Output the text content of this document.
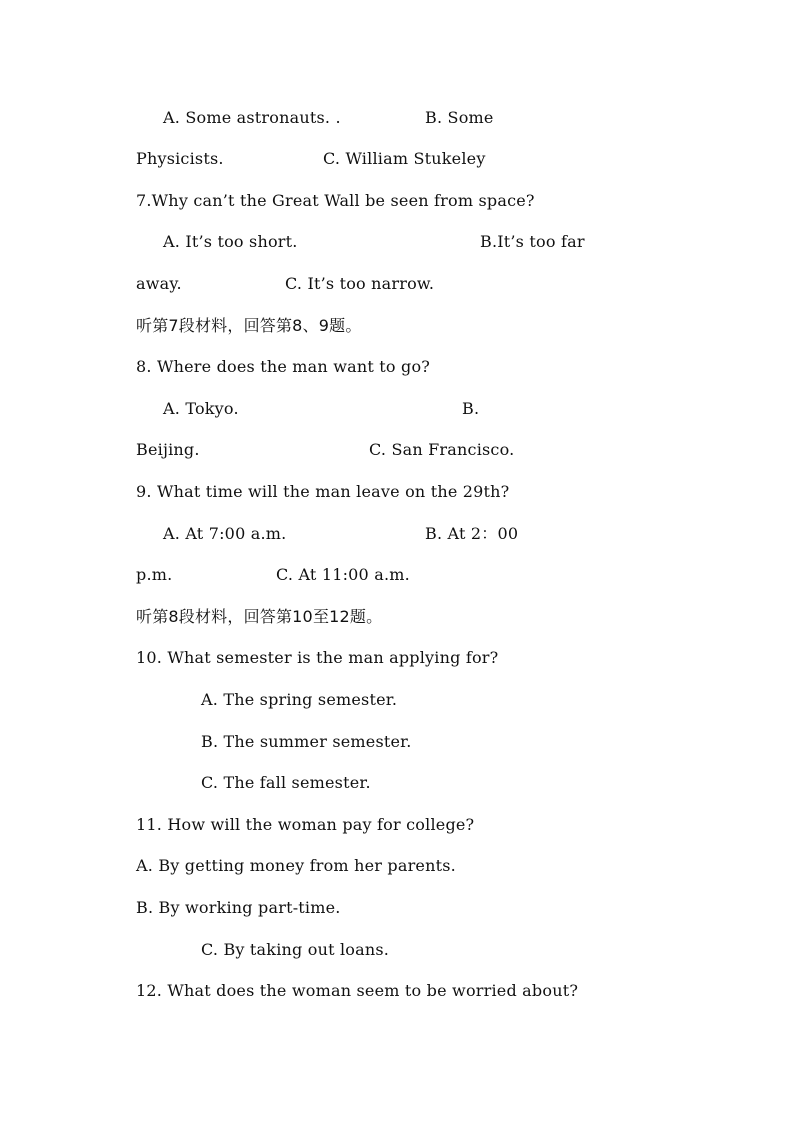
A. Some astronauts. .	B. Some
Physicists.	C. William Stukeley
7.Why can’t the Great Wall be seen from space?
A. It’s too short.	B.It’s too far
away.	C. It’s too narrow.
听第7段材料，回答第8、9题。
8. Where does the man want to go?
A. Tokyo.	B.
Beijing.	C. San Francisco.
9. What time will the man leave on the 29th?
A. At 7:00 a.m.	B. At 2：00
p.m.	C. At 11:00 a.m.
听第8段材料，回答第10至12题。
10. What semester is the man applying for?
A. The spring semester.
B. The summer semester.
C. The fall semester.
11. How will the woman pay for college?
A. By getting money from her parents.
B. By working part-time.
C. By taking out loans.
12. What does the woman seem to be worried about?
